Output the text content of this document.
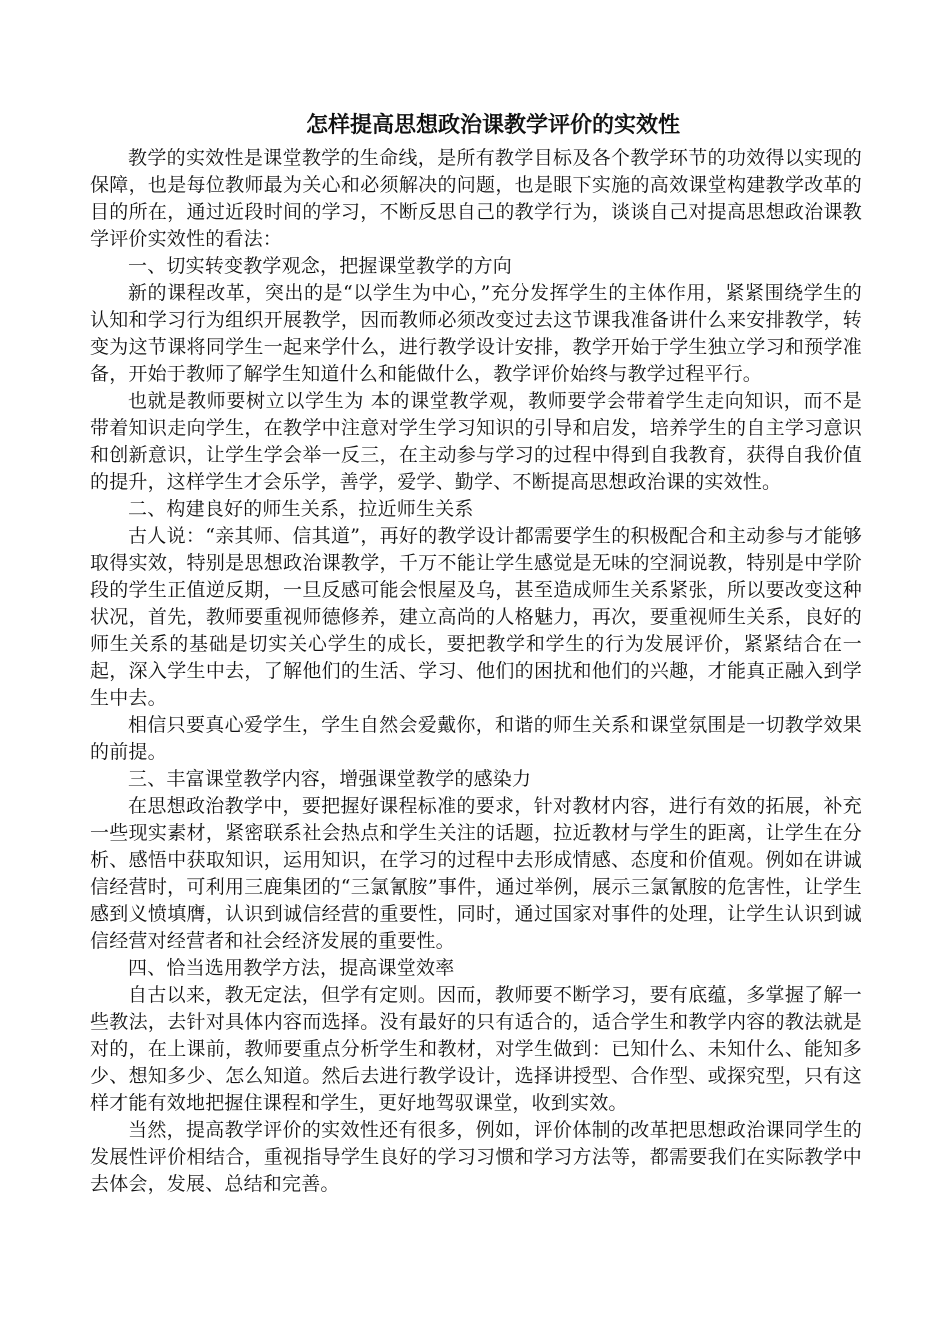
怎样提高思想政治课教学评价的实效性

教学的实效性是课堂教学的生命线，是所有教学目标及各个教学环节的功效得以实现的保障，也是每位教师最为关心和必须解决的问题，也是眼下实施的高效课堂构建教学改革的目的所在，通过近段时间的学习，不断反思自己的教学行为，谈谈自己对提高思想政治课教学评价实效性的看法：

一、切实转变教学观念，把握课堂教学的方向

新的课程改革，突出的是“以学生为中心，”充分发挥学生的主体作用，紧紧围绕学生的认知和学习行为组织开展教学，因而教师必须改变过去这节课我准备讲什么来安排教学，转变为这节课将同学生一起来学什么，进行教学设计安排，教学开始于学生独立学习和预学准备，开始于教师了解学生知道什么和能做什么，教学评价始终与教学过程平行。

也就是教师要树立以学生为 本的课堂教学观，教师要学会带着学生走向知识，而不是带着知识走向学生，在教学中注意对学生学习知识的引导和启发，培养学生的自主学习意识和创新意识，让学生学会举一反三，在主动参与学习的过程中得到自我教育，获得自我价值的提升，这样学生才会乐学，善学，爱学、勤学、不断提高思想政治课的实效性。

二、构建良好的师生关系，拉近师生关系

古人说：“亲其师、信其道”，再好的教学设计都需要学生的积极配合和主动参与才能够取得实效，特别是思想政治课教学，千万不能让学生感觉是无味的空洞说教，特别是中学阶段的学生正值逆反期，一旦反感可能会恨屋及乌，甚至造成师生关系紧张，所以要改变这种状况，首先，教师要重视师德修养，建立高尚的人格魅力，再次，要重视师生关系，良好的师生关系的基础是切实关心学生的成长，要把教学和学生的行为发展评价，紧紧结合在一起，深入学生中去，了解他们的生活、学习、他们的困扰和他们的兴趣，才能真正融入到学生中去。

相信只要真心爱学生，学生自然会爱戴你，和谐的师生关系和课堂氛围是一切教学效果的前提。

三、丰富课堂教学内容，增强课堂教学的感染力

在思想政治教学中，要把握好课程标准的要求，针对教材内容，进行有效的拓展，补充一些现实素材，紧密联系社会热点和学生关注的话题，拉近教材与学生的距离，让学生在分析、感悟中获取知识，运用知识，在学习的过程中去形成情感、态度和价值观。例如在讲诚信经营时，可利用三鹿集团的“三氯氰胺”事件，通过举例，展示三氯氰胺的危害性，让学生感到义愤填膺，认识到诚信经营的重要性，同时，通过国家对事件的处理，让学生认识到诚信经营对经营者和社会经济发展的重要性。

四、恰当选用教学方法，提高课堂效率

自古以来，教无定法，但学有定则。因而，教师要不断学习，要有底蕴，多掌握了解一些教法，去针对具体内容而选择。没有最好的只有适合的，适合学生和教学内容的教法就是对的，在上课前，教师要重点分析学生和教材，对学生做到：已知什么、未知什么、能知多少、想知多少、怎么知道。然后去进行教学设计，选择讲授型、合作型、或探究型，只有这样才能有效地把握住课程和学生，更好地驾驭课堂，收到实效。

当然，提高教学评价的实效性还有很多，例如，评价体制的改革把思想政治课同学生的发展性评价相结合，重视指导学生良好的学习习惯和学习方法等，都需要我们在实际教学中去体会，发展、总结和完善。
